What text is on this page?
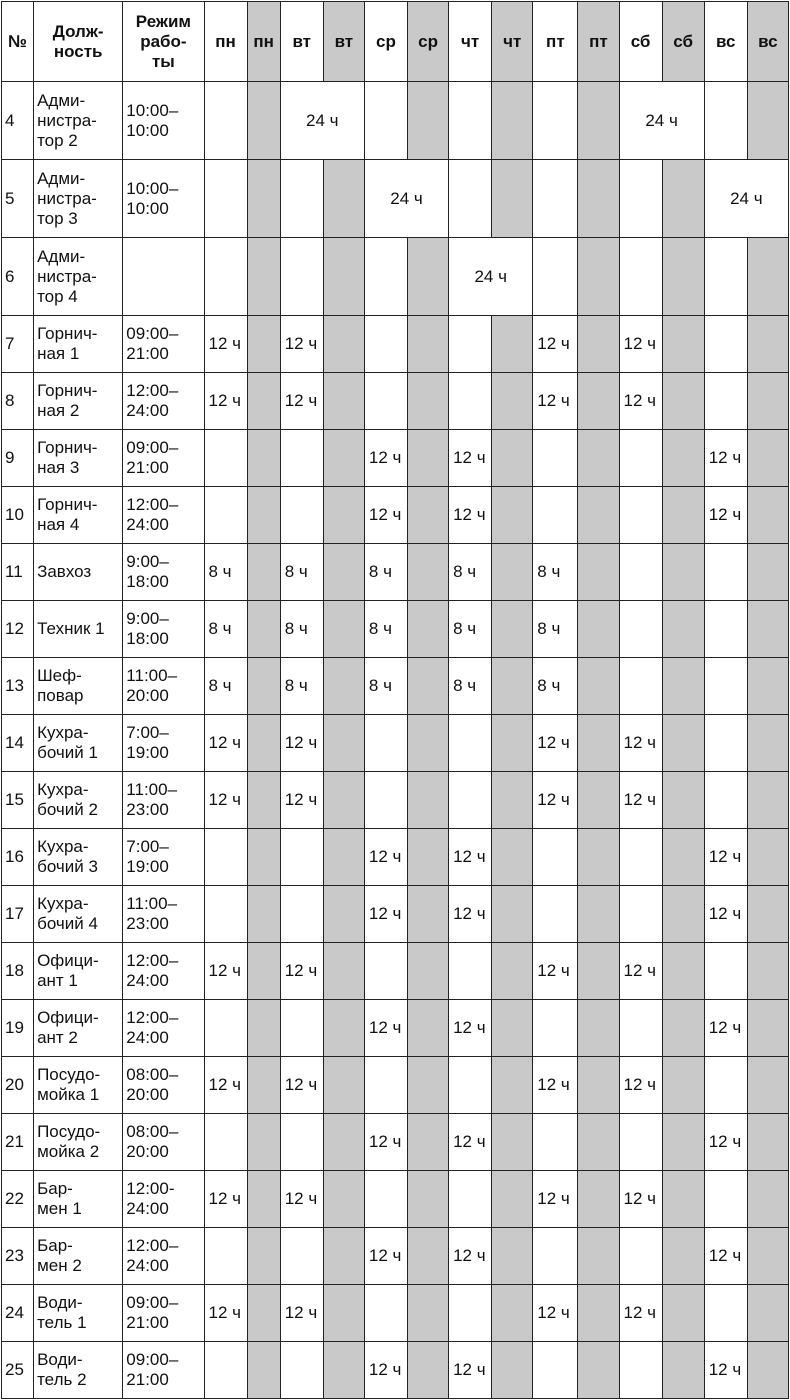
№	Долж-
ность	Режим
рабо-
ты	пн	пн	вт	вт	ср	ср	чт	чт	пт	пт	сб	сб	вс	вс
4	Адми-
нистра-
тор 2	10:00–
10:00			24 ч								24 ч			
5	Адми-
нистра-
тор 3	10:00–
10:00					24 ч								24 ч	
6	Адми-
нистра-
тор 4								24 ч							
7	Горнич-
ная 1	09:00–
21:00	12 ч		12 ч						12 ч		12 ч			
8	Горнич-
ная 2	12:00–
24:00	12 ч		12 ч						12 ч		12 ч			
9	Горнич-
ная 3	09:00–
21:00					12 ч		12 ч						12 ч	
10	Горнич-
ная 4	12:00–
24:00					12 ч		12 ч						12 ч	
11	Завхоз	9:00–
18:00	8 ч		8 ч		8 ч		8 ч		8 ч					
12	Техник 1	9:00–
18:00	8 ч		8 ч		8 ч		8 ч		8 ч					
13	Шеф-
повар	11:00–
20:00	8 ч		8 ч		8 ч		8 ч		8 ч					
14	Кухра-
бочий 1	7:00–
19:00	12 ч		12 ч						12 ч		12 ч			
15	Кухра-
бочий 2	11:00–
23:00	12 ч		12 ч						12 ч		12 ч			
16	Кухра-
бочий 3	7:00–
19:00					12 ч		12 ч						12 ч	
17	Кухра-
бочий 4	11:00–
23:00					12 ч		12 ч						12 ч	
18	Офици-
ант 1	12:00–
24:00	12 ч		12 ч						12 ч		12 ч			
19	Офици-
ант 2	12:00–
24:00					12 ч		12 ч						12 ч	
20	Посудо-
мойка 1	08:00–
20:00	12 ч		12 ч						12 ч		12 ч			
21	Посудо-
мойка 2	08:00–
20:00					12 ч		12 ч						12 ч	
22	Бар-
мен 1	12:00-
24:00	12 ч		12 ч						12 ч		12 ч			
23	Бар-
мен 2	12:00–
24:00					12 ч		12 ч						12 ч	
24	Води-
тель 1	09:00–
21:00	12 ч		12 ч						12 ч		12 ч			
25	Води-
тель 2	09:00–
21:00					12 ч		12 ч						12 ч	
